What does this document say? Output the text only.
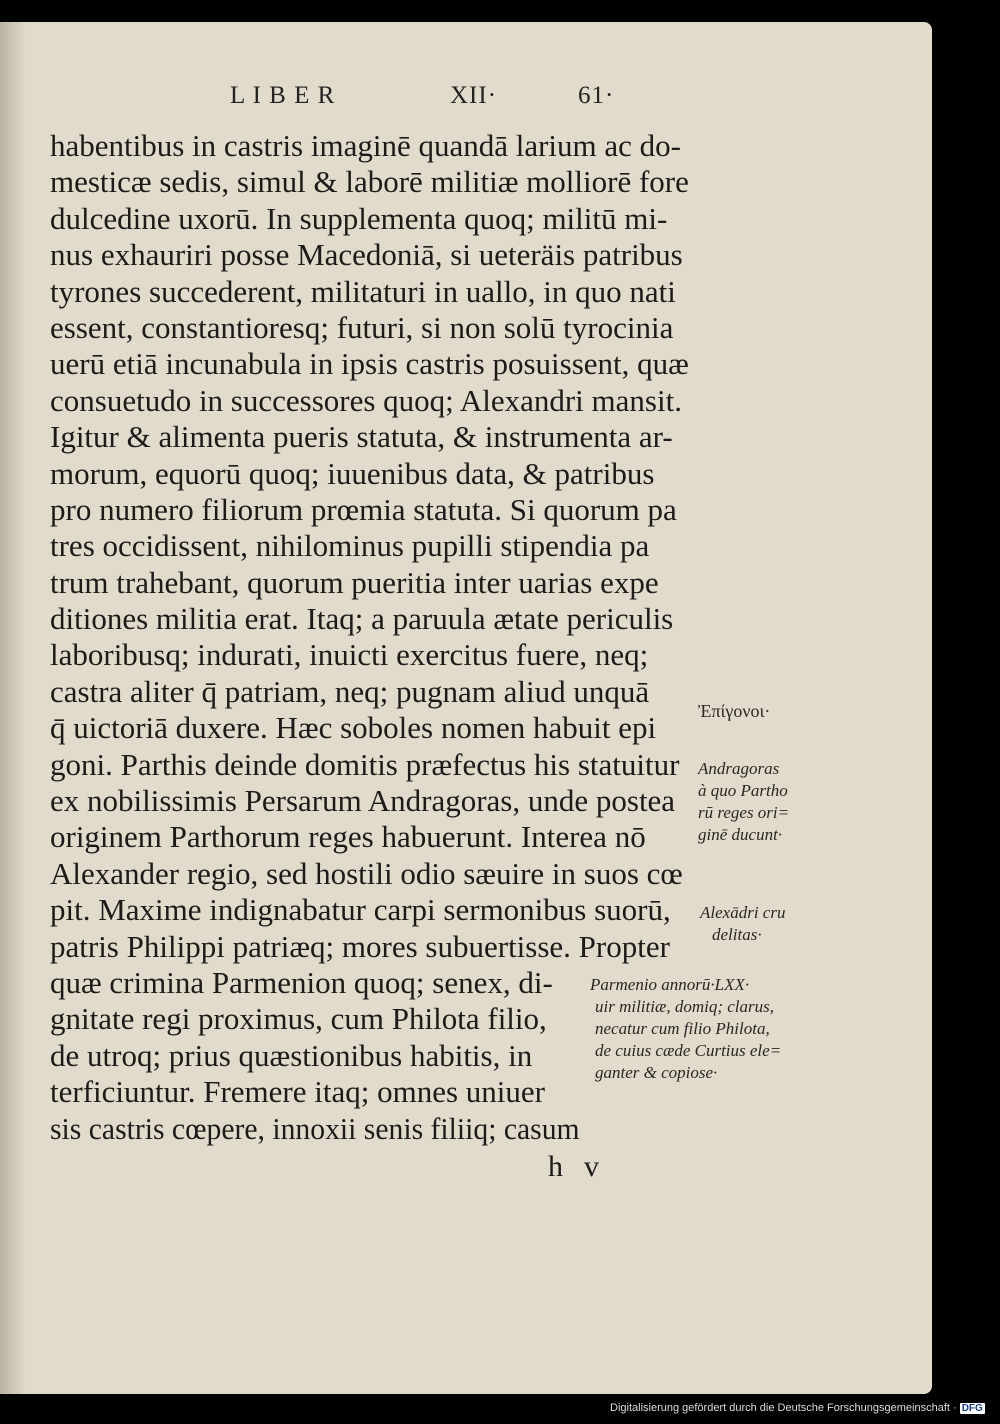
L I B E R	XII·	61·
habentibus in castris imaginē quandā larium ac do-
mesticæ sedis, simul & laborē militiæ molliorē fore
dulcedine uxorū. In supplementa quoq; militū mi-
nus exhauriri posse Macedoniā, si ueteräis patribus
tyrones succederent, militaturi in uallo, in quo nati
essent, constantioresq; futuri, si non solū tyrocinia
uerū etiā incunabula in ipsis castris posuissent, quæ
consuetudo in successores quoq; Alexandri mansit.
Igitur & alimenta pueris statuta, & instrumenta ar-
morum, equorū quoq; iuuenibus data, & patribus
pro numero filiorum prœmia statuta. Si quorum pa
tres occidissent, nihilominus pupilli stipendia pa
trum trahebant, quorum pueritia inter uarias expe
ditiones militia erat. Itaq; a paruula ætate periculis
laboribusq; indurati, inuicti exercitus fuere, neq;
castra aliter q̄ patriam, neq; pugnam aliud unquā
q̄ uictoriā duxere. Hæc soboles nomen habuit epi
goni. Parthis deinde domitis præfectus his statuitur
ex nobilissimis Persarum Andragoras, unde postea
originem Parthorum reges habuerunt. Interea nō
Alexander regio, sed hostili odio sæuire in suos cœ
pit. Maxime indignabatur carpi sermonibus suorū,
patris Philippi patriæq; mores subuertisse. Propter
quæ crimina Parmenion quoq; senex, di-
gnitate regi proximus, cum Philota filio,
de utroq; prius quæstionibus habitis, in
terficiuntur. Fremere itaq; omnes uniuer
sis castris cœpere, innoxii senis filiiq; casum
Ἐπίγονοι·
Andragoras
à quo Partho
rū reges ori=
ginē ducunt·
Alexādri cru
delitas·
Parmenio annorū·LXX·
uir militiæ, domiq; clarus,
necatur cum filio Philota,
de cuius cæde Curtius ele=
ganter & copiose·
h v
Digitalisierung gefördert durch die Deutsche Forschungsgemeinschaft · DFG
